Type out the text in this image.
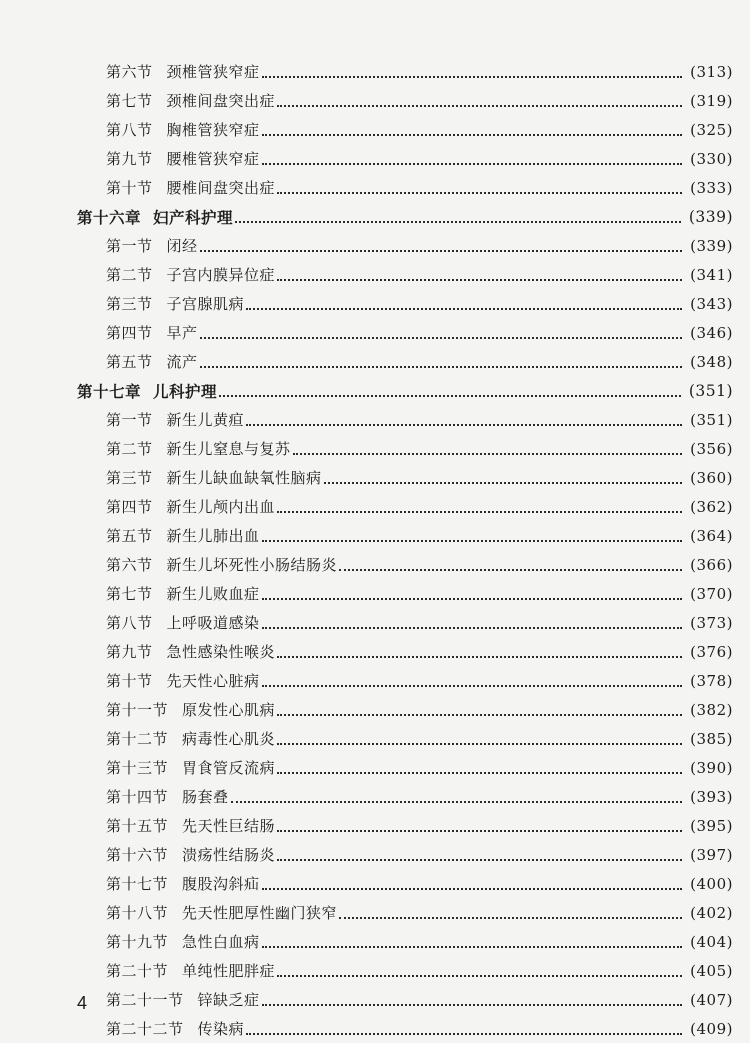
第六节 颈椎管狭窄症	(313)
第七节 颈椎间盘突出症	(319)
第八节 胸椎管狭窄症	(325)
第九节 腰椎管狭窄症	(330)
第十节 腰椎间盘突出症	(333)
第十六章 妇产科护理	(339)
第一节 闭经	(339)
第二节 子宫内膜异位症	(341)
第三节 子宫腺肌病	(343)
第四节 早产	(346)
第五节 流产	(348)
第十七章 儿科护理	(351)
第一节 新生儿黄疸	(351)
第二节 新生儿窒息与复苏	(356)
第三节 新生儿缺血缺氧性脑病	(360)
第四节 新生儿颅内出血	(362)
第五节 新生儿肺出血	(364)
第六节 新生儿坏死性小肠结肠炎	(366)
第七节 新生儿败血症	(370)
第八节 上呼吸道感染	(373)
第九节 急性感染性喉炎	(376)
第十节 先天性心脏病	(378)
第十一节 原发性心肌病	(382)
第十二节 病毒性心肌炎	(385)
第十三节 胃食管反流病	(390)
第十四节 肠套叠	(393)
第十五节 先天性巨结肠	(395)
第十六节 溃疡性结肠炎	(397)
第十七节 腹股沟斜疝	(400)
第十八节 先天性肥厚性幽门狭窄	(402)
第十九节 急性白血病	(404)
第二十节 单纯性肥胖症	(405)
第二十一节 锌缺乏症	(407)
第二十二节 传染病	(409)
4
